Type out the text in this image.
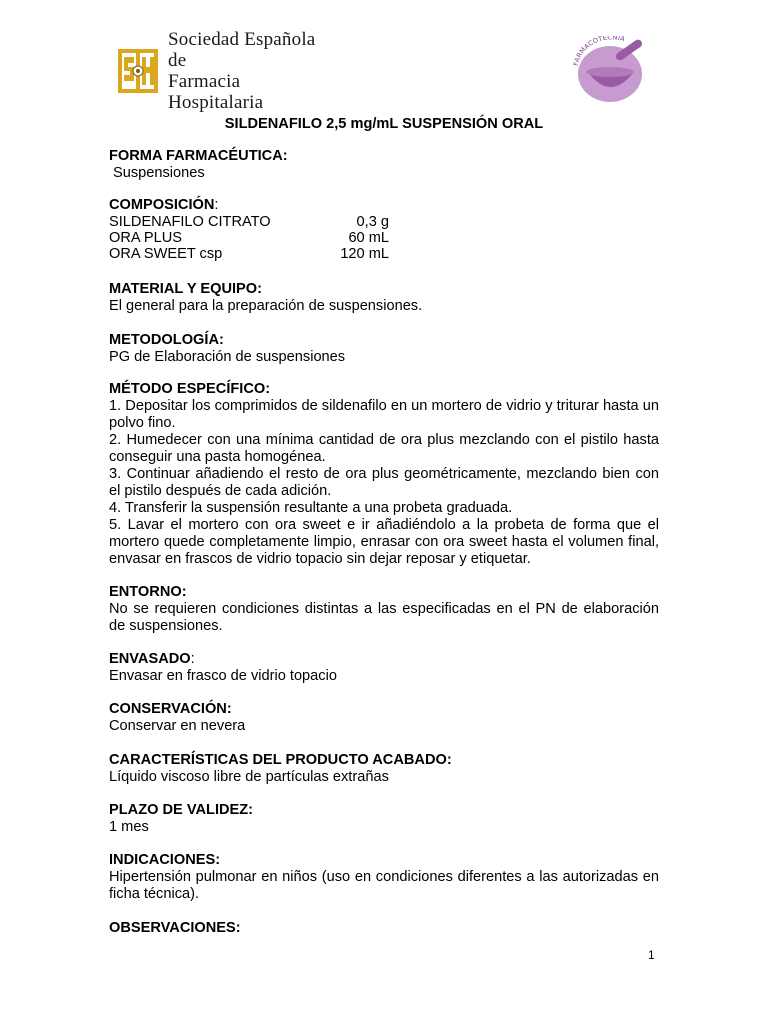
Sociedad Española de
Farmacia Hospitalaria
FARMACOTECNIA
SILDENAFILO 2,5 mg/mL SUSPENSIÓN ORAL
FORMA FARMACÉUTICA:
Suspensiones
COMPOSICIÓN:
SILDENAFILO CITRATO	0,3 g
ORA PLUS	60 mL
ORA SWEET csp	120 mL
MATERIAL Y EQUIPO:
El general para la preparación de suspensiones.
METODOLOGÍA:
PG de Elaboración de suspensiones
MÉTODO ESPECÍFICO:
1. Depositar los comprimidos de sildenafilo en un mortero de vidrio y triturar hasta un polvo fino.
2. Humedecer con una mínima cantidad de ora plus mezclando con el pistilo hasta conseguir una pasta homogénea.
3. Continuar añadiendo el resto de ora plus geométricamente, mezclando bien con el pistilo después de cada adición.
4. Transferir la suspensión resultante a una probeta graduada.
5. Lavar el mortero con ora sweet e ir añadiéndolo a la probeta de forma que el mortero quede completamente limpio, enrasar con ora sweet hasta el volumen final, envasar en frascos de vidrio topacio sin dejar reposar y etiquetar.
ENTORNO:
No se requieren condiciones distintas a las especificadas en el PN de elaboración de suspensiones.
ENVASADO:
Envasar en frasco de vidrio topacio
CONSERVACIÓN:
Conservar en nevera
CARACTERÍSTICAS DEL PRODUCTO ACABADO:
Líquido viscoso libre de partículas extrañas
PLAZO DE VALIDEZ:
1 mes
INDICACIONES:
Hipertensión pulmonar en niños (uso en condiciones diferentes a las autorizadas en ficha técnica).
OBSERVACIONES:
1
